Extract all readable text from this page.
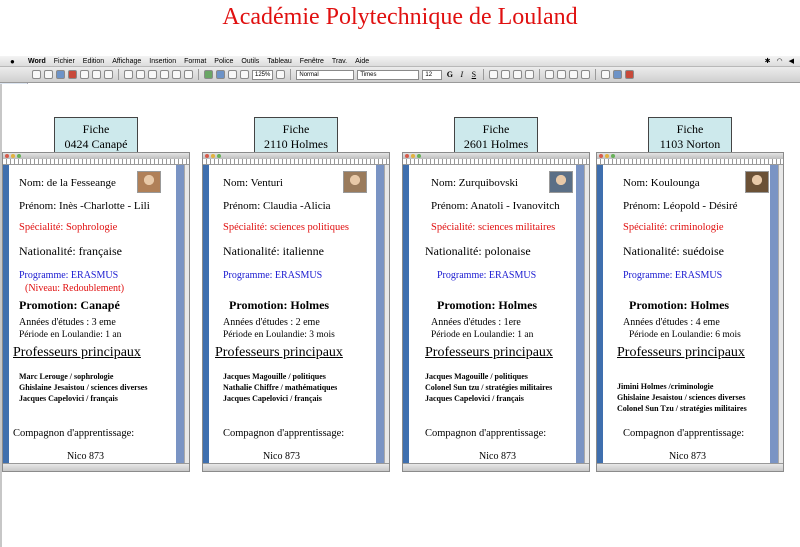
Académie Polytechnique de Louland
●	Word Fichier Edition Affichage Insertion Format Police Outils Tableau Fenêtre Trav. Aide	✱ ◠ ◀
125%	Normal	Times	12	G I	S
Fiche
0424 Canapé
Nom: de la Fesseange
Prénom: Inès -Charlotte - Lili
Spécialité: Sophrologie
Nationalité: française
Programme: ERASMUS
(Niveau: Redoublement)
Promotion: Canapé
Années d'études : 3 eme
Période en Loulandie: 1 an
Professeurs principaux
Marc Lerouge / sophrologie
Ghislaine Jesaistou / sciences diverses
Jacques Capelovici / français
Compagnon d'apprentissage:
Nico 873
Fiche
2110 Holmes
Nom: Venturi
Prénom: Claudia -Alicia
Spécialité: sciences politiques
Nationalité: italienne
Programme: ERASMUS
Promotion: Holmes
Années d'études : 2 eme
Période en Loulandie: 3 mois
Professeurs principaux
Jacques Magouille / politiques
Nathalie Chiffre / mathématiques
Jacques Capelovici / français
Compagnon d'apprentissage:
Nico 873
Fiche
2601 Holmes
Nom: Zurquibovski
Prénom: Anatoli - Ivanovitch
Spécialité: sciences militaires
Nationalité: polonaise
Programme: ERASMUS
Promotion: Holmes
Années d'études : 1ere
Période en Loulandie: 1 an
Professeurs principaux
Jacques Magouille / politiques
Colonel Sun tzu / stratégies militaires
Jacques Capelovici / français
Compagnon d'apprentissage:
Nico 873
Fiche
1103 Norton
Nom: Koulounga
Prénom: Léopold - Désiré
Spécialité: criminologie
Nationalité: suédoise
Programme: ERASMUS
Promotion: Holmes
Années d'études : 4 eme
Période en Loulandie: 6 mois
Professeurs principaux
Jimini Holmes /criminologie
Ghislaine Jesaistou / sciences diverses
Colonel Sun Tzu / stratégies militaires
Compagnon d'apprentissage:
Nico 873
